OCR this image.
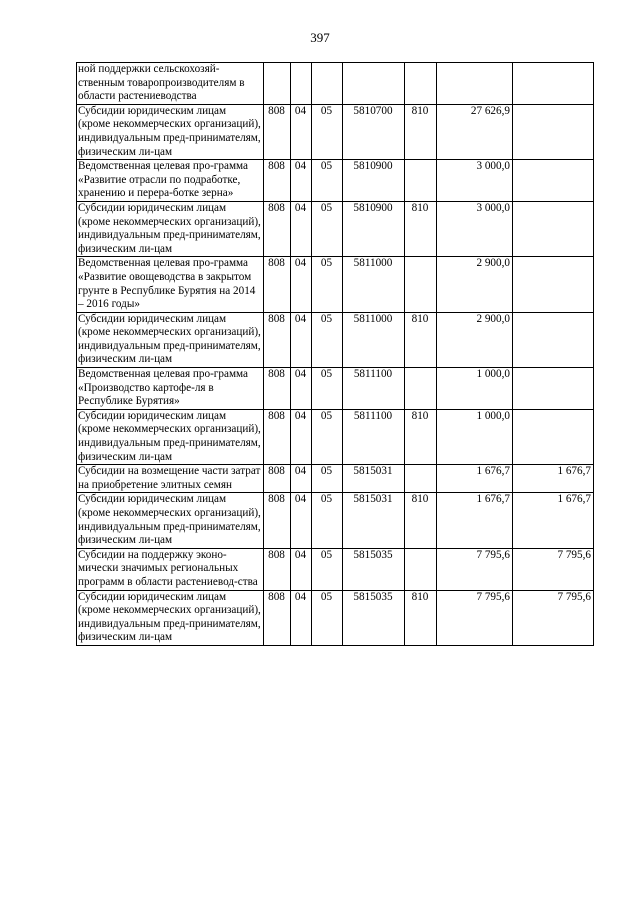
397
ной поддержки сельскохозяй-ственным товаропроизводителям в области растениеводства							
Субсидии юридическим лицам (кроме некоммерческих организаций), индивидуальным пред-принимателям, физическим ли-цам	808	04	05	5810700	810	27 626,9	
Ведомственная целевая про-грамма «Развитие отрасли по подработке, хранению и перера-ботке зерна»	808	04	05	5810900		3 000,0	
Субсидии юридическим лицам (кроме некоммерческих организаций), индивидуальным пред-принимателям, физическим ли-цам	808	04	05	5810900	810	3 000,0	
Ведомственная целевая про-грамма «Развитие овощеводства в закрытом грунте в Республике Бурятия на 2014 – 2016 годы»	808	04	05	5811000		2 900,0	
Субсидии юридическим лицам (кроме некоммерческих организаций), индивидуальным пред-принимателям, физическим ли-цам	808	04	05	5811000	810	2 900,0	
Ведомственная целевая про-грамма «Производство картофе-ля в Республике Бурятия»	808	04	05	5811100		1 000,0	
Субсидии юридическим лицам (кроме некоммерческих организаций), индивидуальным пред-принимателям, физическим ли-цам	808	04	05	5811100	810	1 000,0	
Субсидии на возмещение части затрат на приобретение элитных семян	808	04	05	5815031		1 676,7	1 676,7
Субсидии юридическим лицам (кроме некоммерческих организаций), индивидуальным пред-принимателям, физическим ли-цам	808	04	05	5815031	810	1 676,7	1 676,7
Субсидии на поддержку эконо-мически значимых региональных программ в области растениевод-ства	808	04	05	5815035		7 795,6	7 795,6
Субсидии юридическим лицам (кроме некоммерческих организаций), индивидуальным пред-принимателям, физическим ли-цам	808	04	05	5815035	810	7 795,6	7 795,6
